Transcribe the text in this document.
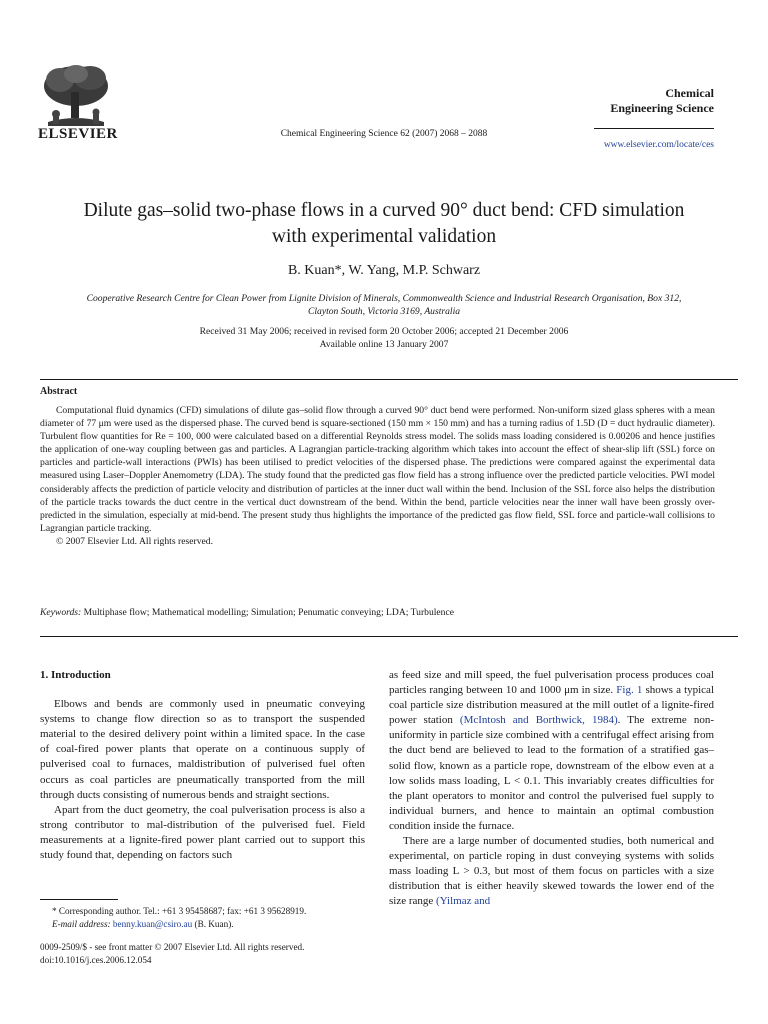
ELSEVIER	Chemical Engineering Science 62 (2007) 2068 – 2088
Chemical
Engineering Science
www.elsevier.com/locate/ces
Dilute gas–solid two-phase flows in a curved 90° duct bend: CFD simulation
with experimental validation
B. Kuan*, W. Yang, M.P. Schwarz
Cooperative Research Centre for Clean Power from Lignite Division of Minerals, Commonwealth Science and Industrial Research Organisation, Box 312,
Clayton South, Victoria 3169, Australia
Received 31 May 2006; received in revised form 20 October 2006; accepted 21 December 2006
Available online 13 January 2007
Abstract

Computational fluid dynamics (CFD) simulations of dilute gas–solid flow through a curved 90° duct bend were performed. Non-uniform sized glass spheres with a mean diameter of 77 μm were used as the dispersed phase. The curved bend is square-sectioned (150 mm × 150 mm) and has a turning radius of 1.5D (D = duct hydraulic diameter). Turbulent flow quantities for Re = 100, 000 were calculated based on a differential Reynolds stress model. The solids mass loading considered is 0.00206 and hence justifies the application of one-way coupling between gas and particles. A Lagrangian particle-tracking algorithm which takes into account the effect of shear-slip lift (SSL) force on particles and particle-wall interactions (PWIs) has been utilised to predict velocities of the dispersed phase. The predictions were compared against the experimental data measured using Laser–Doppler Anemometry (LDA). The study found that the predicted gas flow field has a strong influence over the predicted particle velocities. PWI model considerably affects the prediction of particle velocity and distribution of particles at the inner duct wall within the bend. Inclusion of the SSL force also helps the distribution of the particle tracks towards the duct centre in the vertical duct downstream of the bend. Within the bend, particle velocities near the inner wall have been grossly over-predicted in the simulation, especially at mid-bend. The present study thus highlights the importance of the predicted gas flow field, SSL force and particle-wall collisions to Lagrangian particle tracking.

© 2007 Elsevier Ltd. All rights reserved.

Keywords: Multiphase flow; Mathematical modelling; Simulation; Penumatic conveying; LDA; Turbulence

1. Introduction

Elbows and bends are commonly used in pneumatic conveying systems to change flow direction so as to transport the suspended material to the desired delivery point within a limited space. In the case of coal-fired power plants that operate on a continuous supply of pulverised coal to furnaces, maldistribution of pulverised fuel often occurs as coal particles are pneumatically transported from the mill through ducts consisting of numerous bends and straight sections.

Apart from the duct geometry, the coal pulverisation process is also a strong contributor to mal-distribution of the pulverised fuel. Field measurements at a lignite-fired power plant carried out to support this study found that, depending on factors such

as feed size and mill speed, the fuel pulverisation process produces coal particles ranging between 10 and 1000 μm in size. Fig. 1 shows a typical coal particle size distribution measured at the mill outlet of a lignite-fired power station (McIntosh and Borthwick, 1984). The extreme non-uniformity in particle size combined with a centrifugal effect arising from the duct bend are believed to lead to the formation of a stratified gas–solid flow, known as a particle rope, downstream of the elbow even at a low solids mass loading, L < 0.1. This invariably creates difficulties for the plant operators to monitor and control the pulverised fuel supply to individual burners, and hence to maintain an optimal combustion condition inside the furnace.

There are a large number of documented studies, both numerical and experimental, on particle roping in dust conveying systems with solids mass loading L > 0.3, but most of them focus on particles with a size distribution that is either heavily skewed towards the lower end of the size range (Yilmaz and

* Corresponding author. Tel.: +61 3 95458687; fax: +61 3 95628919.

E-mail address: benny.kuan@csiro.au (B. Kuan).

0009-2509/$ - see front matter © 2007 Elsevier Ltd. All rights reserved.

doi:10.1016/j.ces.2006.12.054
